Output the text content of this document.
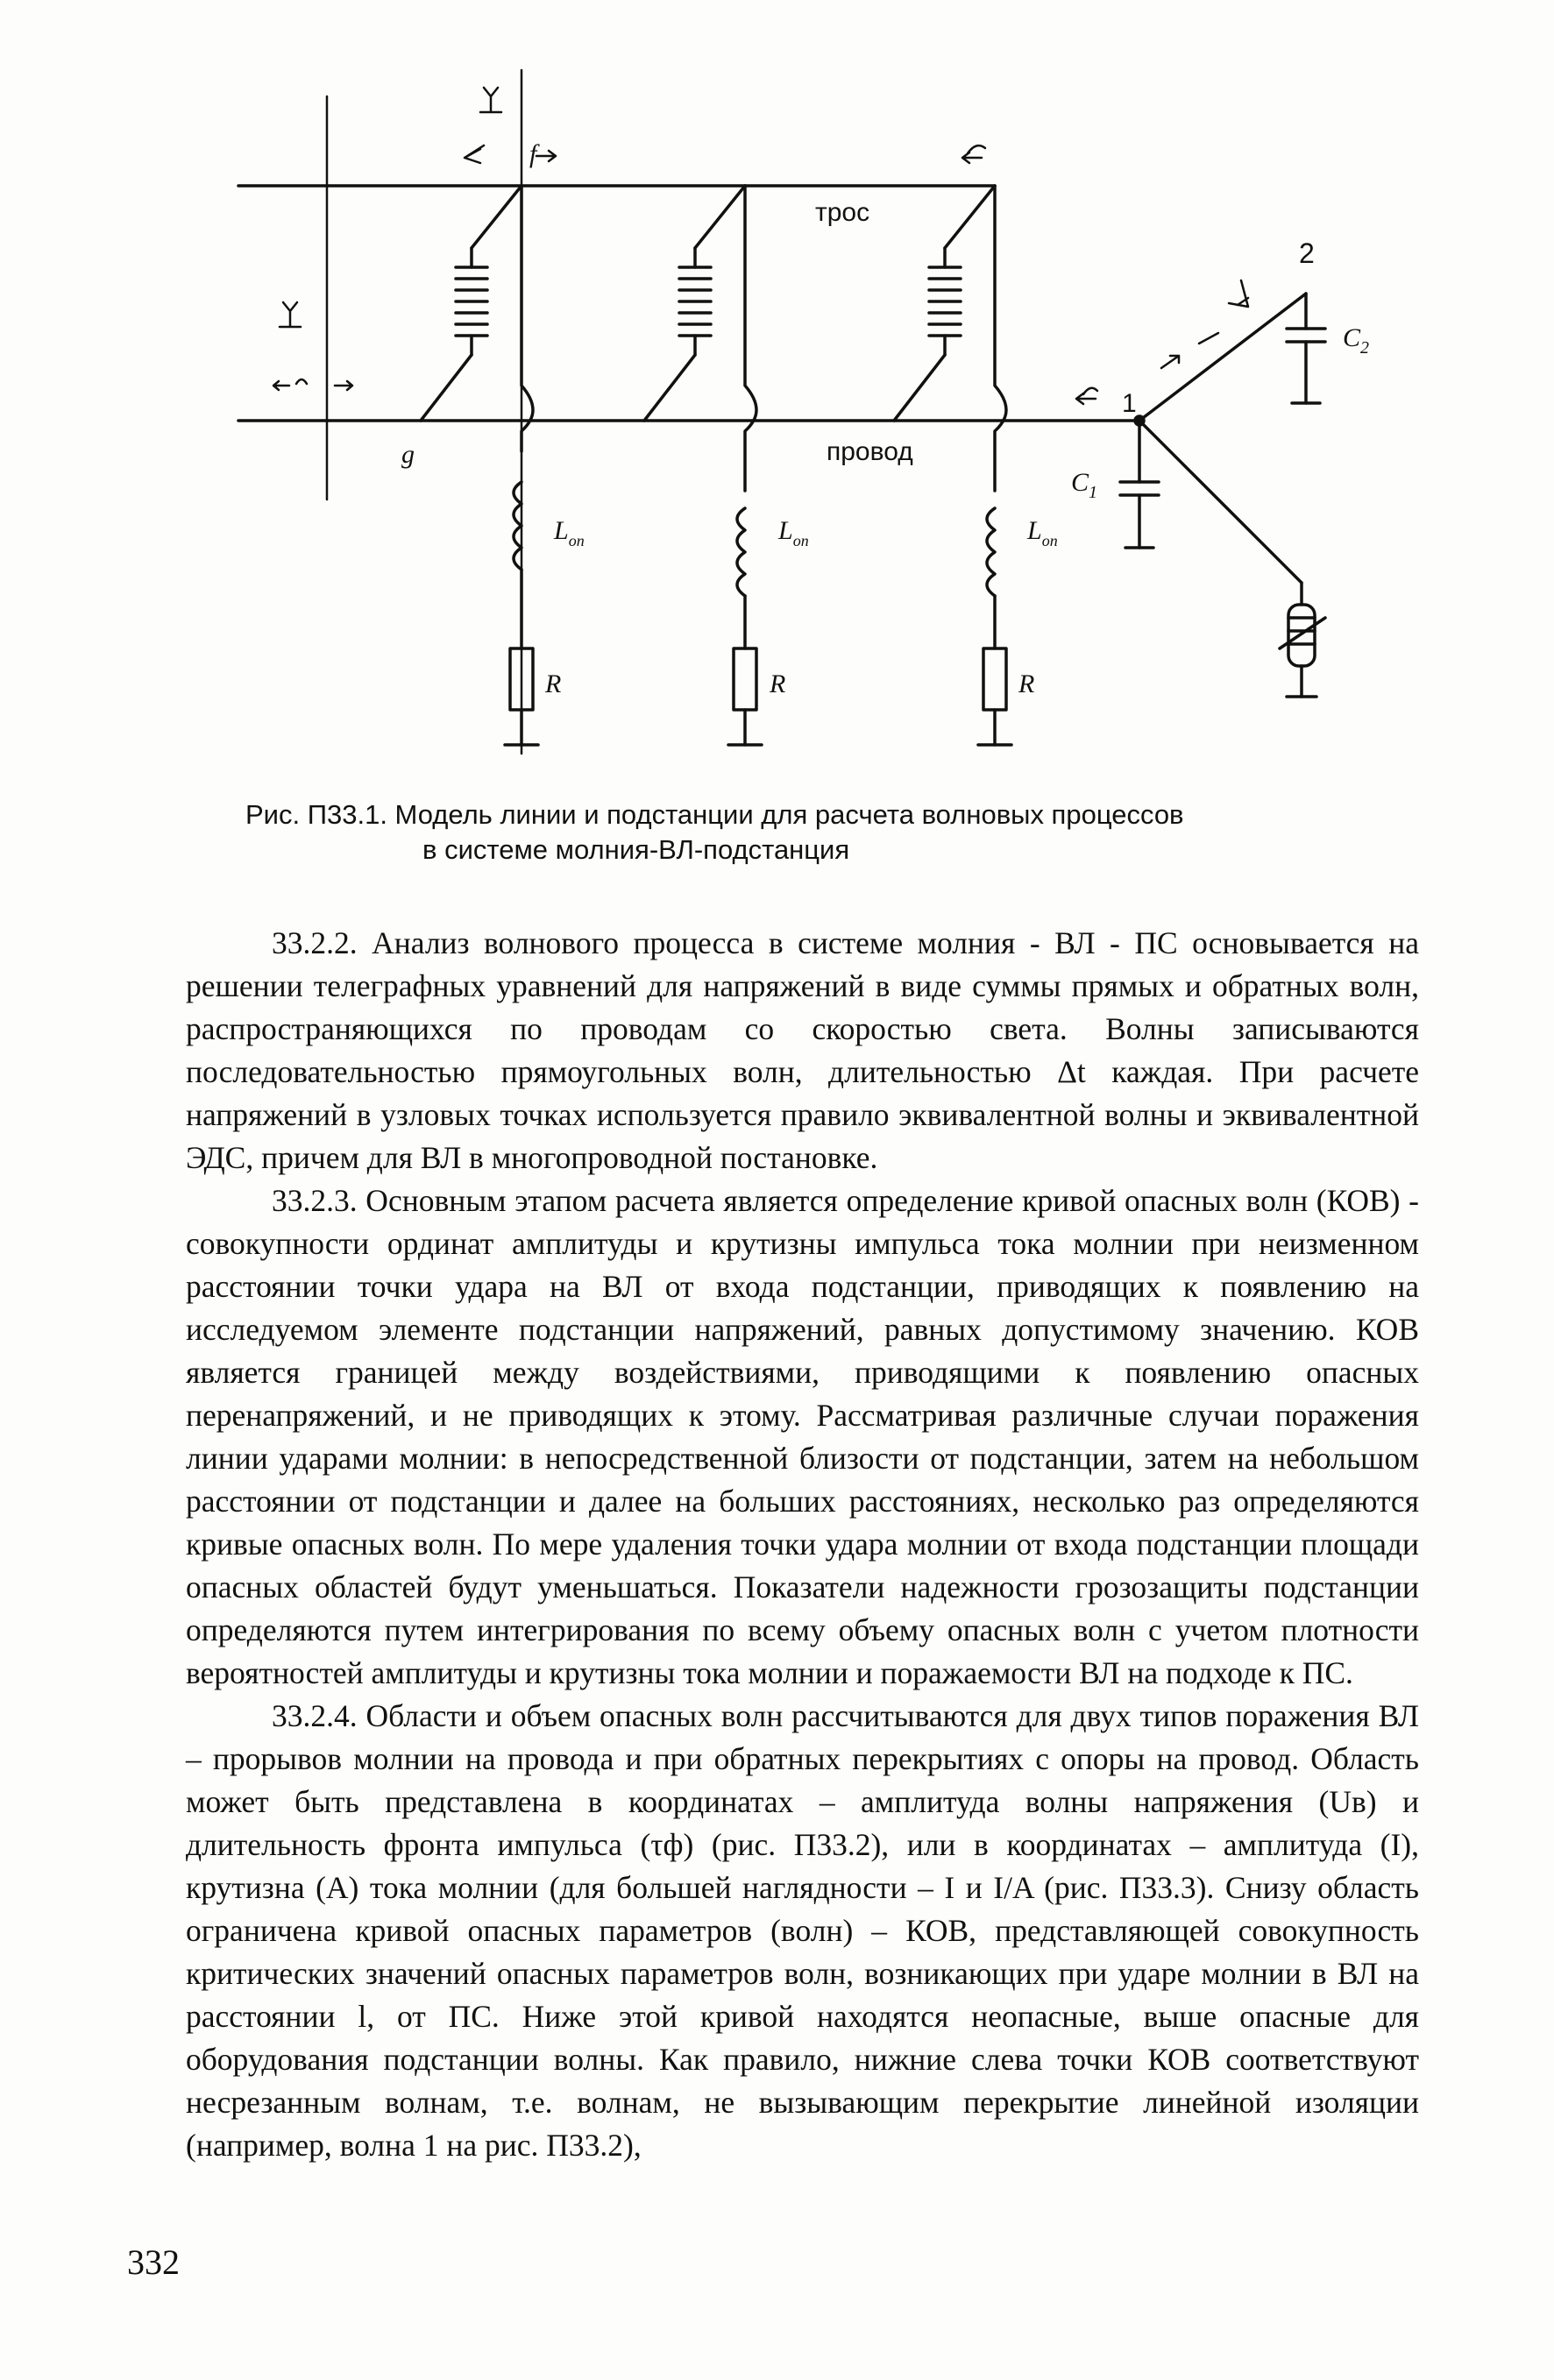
трос
провод
g
f
1
2
$C_1$
$C_2$
$L_{оп}$	$L_{оп}$	$L_{оп}$
R	R	R
Рис. П33.1. Модель линии и подстанции для расчета волновых процессов
в системе молния-ВЛ-подстанция

33.2.2. Анализ волнового процесса в системе молния - ВЛ - ПС основывается на решении телеграфных уравнений для напряжений в виде суммы прямых и обратных волн, распространяющихся по проводам со скоростью света. Волны записываются последовательностью прямоугольных волн, длительностью Δt каждая. При расчете напряжений в узловых точках используется правило эквивалентной волны и эквивалентной ЭДС, причем для ВЛ в многопроводной постановке.

33.2.3. Основным этапом расчета является определение кривой опасных волн (КОВ) - совокупности ординат амплитуды и крутизны импульса тока молнии при неизменном расстоянии точки удара на ВЛ от входа подстанции, приводящих к появлению на исследуемом элементе подстанции напряжений, равных допустимому значению. КОВ является границей между воздействиями, приводящими к появлению опасных перенапряжений, и не приводящих к этому. Рассматривая различные случаи поражения линии ударами молнии: в непосредственной близости от подстанции, затем на небольшом расстоянии от подстанции и далее на больших расстояниях, несколько раз определяются кривые опасных волн. По мере удаления точки удара молнии от входа подстанции площади опасных областей будут уменьшаться. Показатели надежности грозозащиты подстанции определяются путем интегрирования по всему объему опасных волн с учетом плотности вероятностей амплитуды и крутизны тока молнии и поражаемости ВЛ на подходе к ПС.

33.2.4. Области и объем опасных волн рассчитываются для двух типов поражения ВЛ – прорывов молнии на провода и при обратных перекрытиях с опоры на провод. Область может быть представлена в координатах – амплитуда волны напряжения (Uв) и длительность фронта импульса (τф) (рис. П33.2), или в координатах – амплитуда (I), крутизна (A) тока молнии (для большей наглядности – I и I/A (рис. П33.3). Снизу область ограничена кривой опасных параметров (волн) – КОВ, представляющей совокупность критических значений опасных параметров волн, возникающих при ударе молнии в ВЛ на расстоянии l, от ПС. Ниже этой кривой находятся неопасные, выше опасные для оборудования подстанции волны. Как правило, нижние слева точки КОВ соответствуют несрезанным волнам, т.е. волнам, не вызывающим перекрытие линейной изоляции (например, волна 1 на рис. П33.2),

332
